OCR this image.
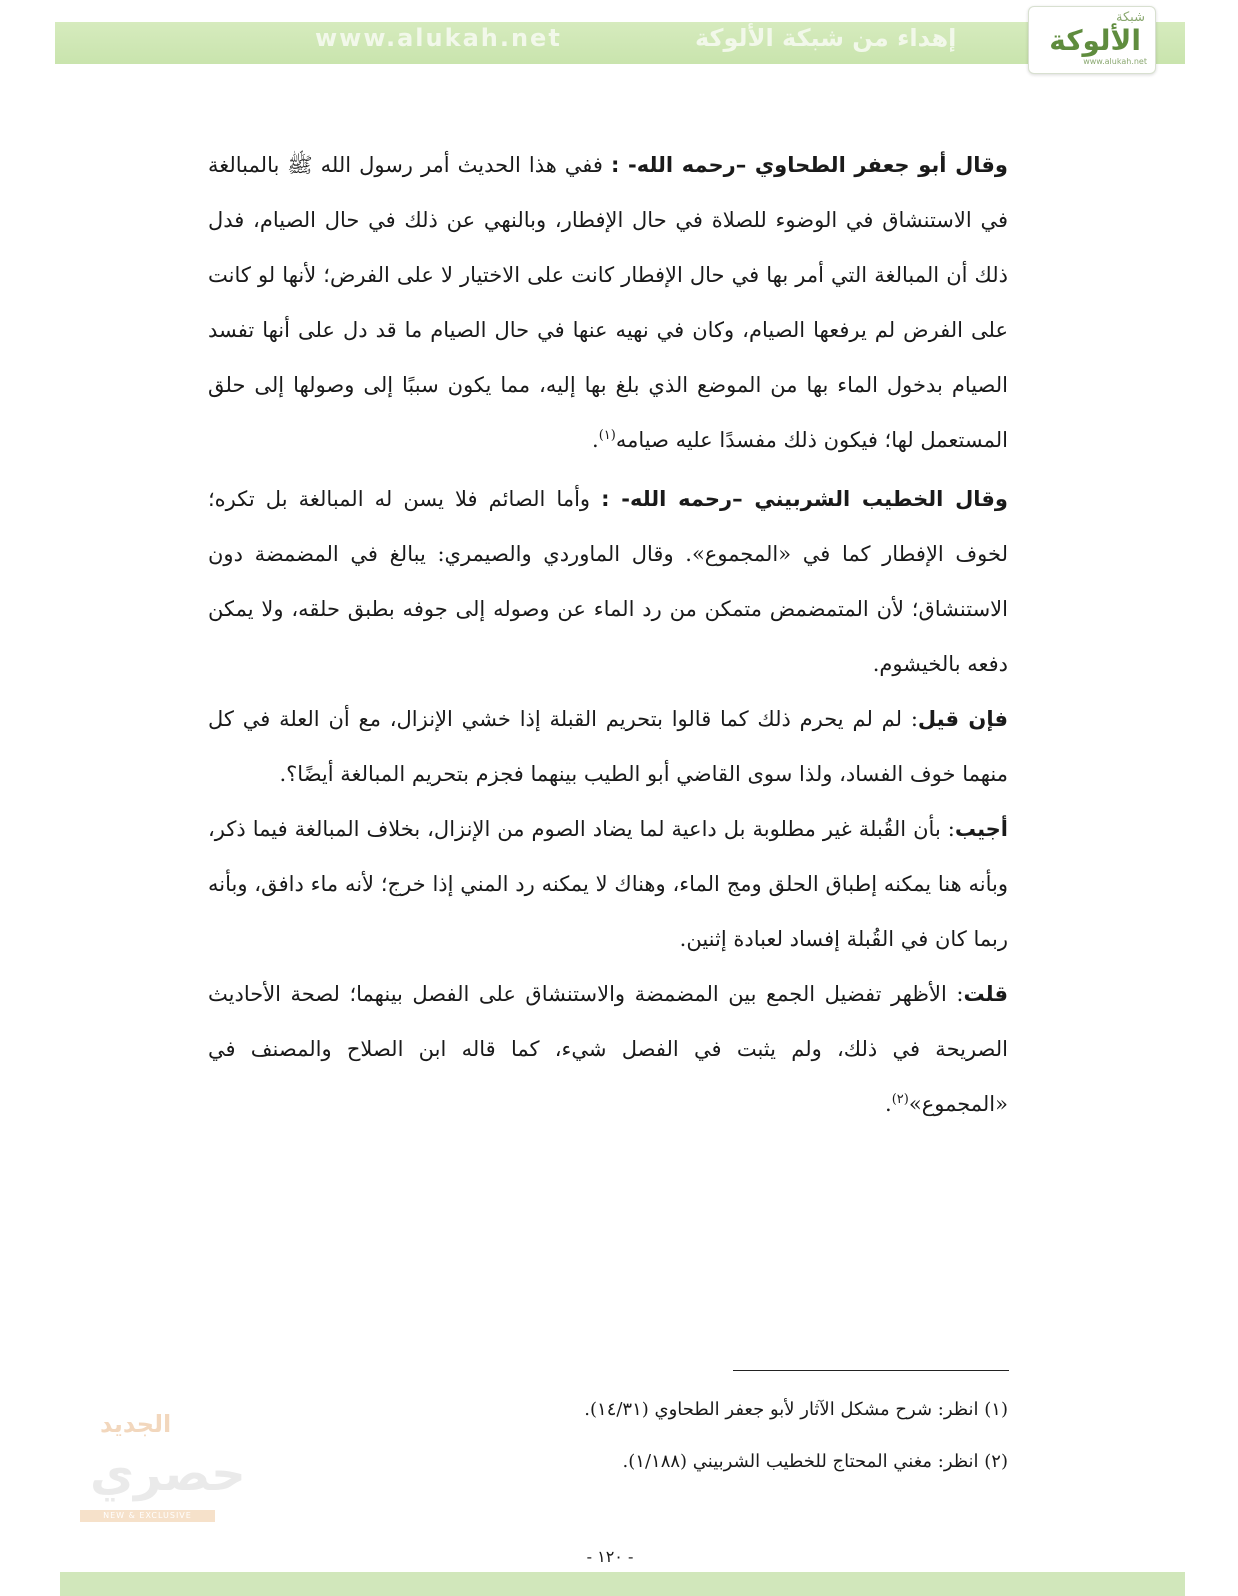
www.alukah.net	إهداء من شبكة الألوكة
شبكة
الألوكة
www.alukah.net

وقال أبو جعفر الطحاوي –رحمه الله- : ففي هذا الحديث أمر رسول الله ﷺ بالمبالغة في الاستنشاق في الوضوء للصلاة في حال الإفطار، وبالنهي عن ذلك في حال الصيام، فدل ذلك أن المبالغة التي أمر بها في حال الإفطار كانت على الاختيار لا على الفرض؛ لأنها لو كانت على الفرض لم يرفعها الصيام، وكان في نهيه عنها في حال الصيام ما قد دل على أنها تفسد الصيام بدخول الماء بها من الموضع الذي بلغ بها إليه، مما يكون سببًا إلى وصولها إلى حلق المستعمل لها؛ فيكون ذلك مفسدًا عليه صيامه$^{(١)}$.

وقال الخطيب الشربيني –رحمه الله- : وأما الصائم فلا يسن له المبالغة بل تكره؛ لخوف الإفطار كما في «المجموع». وقال الماوردي والصيمري: يبالغ في المضمضة دون الاستنشاق؛ لأن المتمضمض متمكن من رد الماء عن وصوله إلى جوفه بطبق حلقه، ولا يمكن دفعه بالخيشوم.

فإن قيل: لم لم يحرم ذلك كما قالوا بتحريم القبلة إذا خشي الإنزال، مع أن العلة في كل منهما خوف الفساد، ولذا سوى القاضي أبو الطيب بينهما فجزم بتحريم المبالغة أيضًا؟.

أجيب: بأن القُبلة غير مطلوبة بل داعية لما يضاد الصوم من الإنزال، بخلاف المبالغة فيما ذكر، وبأنه هنا يمكنه إطباق الحلق ومج الماء، وهناك لا يمكنه رد المني إذا خرج؛ لأنه ماء دافق، وبأنه ربما كان في القُبلة إفساد لعبادة إثنين.

قلت: الأظهر تفضيل الجمع بين المضمضة والاستنشاق على الفصل بينهما؛ لصحة الأحاديث الصريحة في ذلك، ولم يثبت في الفصل شيء، كما قاله ابن الصلاح والمصنف في «المجموع»$^{(٢)}$.

(١) انظر: شرح مشكل الآثار لأبو جعفر الطحاوي (١٤/٣١).
(٢) انظر: مغني المحتاج للخطيب الشربيني (١/١٨٨).
الجديد
حصري
NEW & EXCLUSIVE
- ١٢٠ -
